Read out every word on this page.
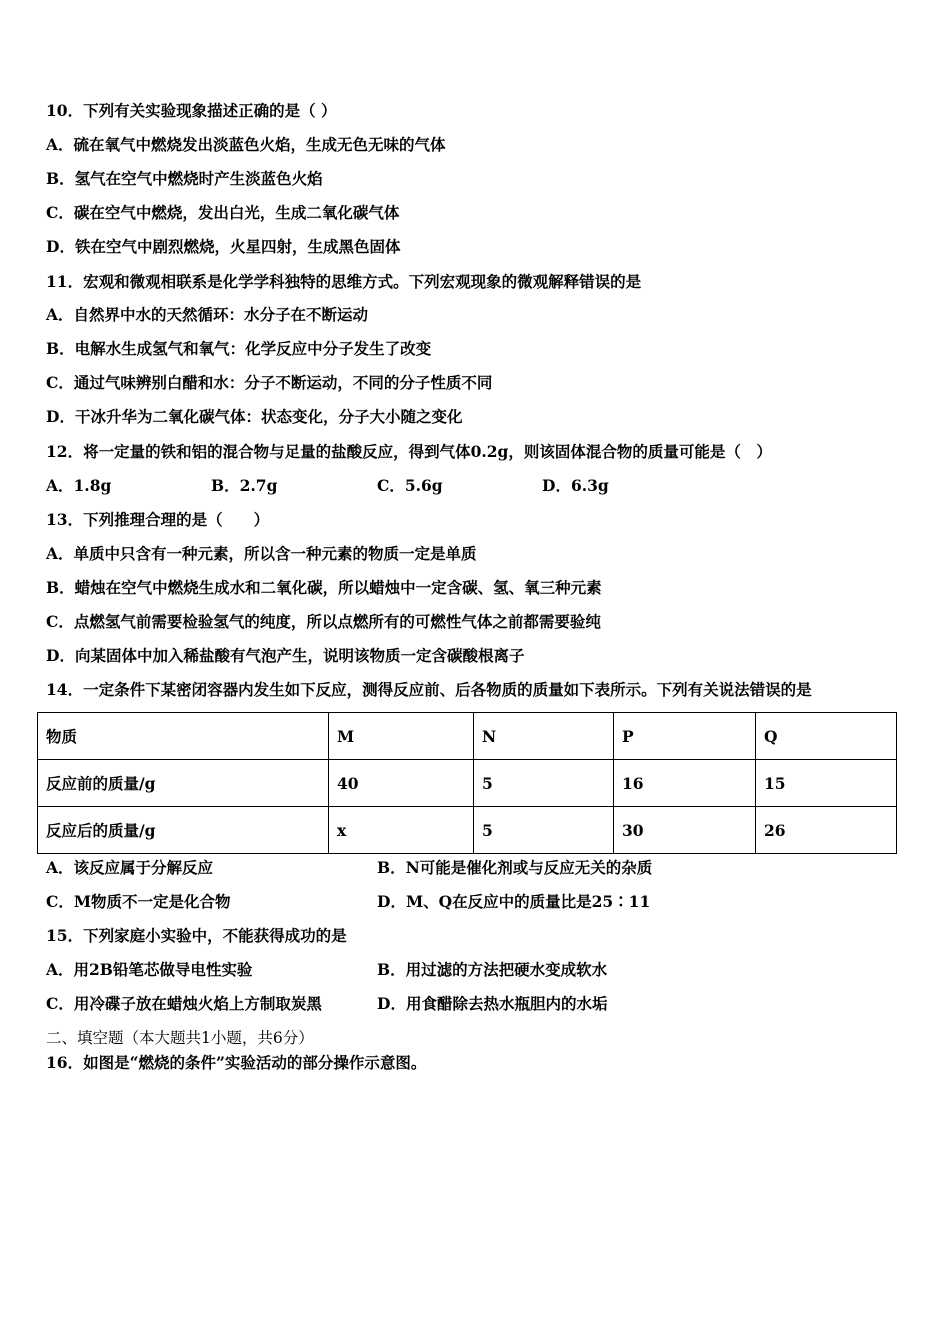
10．下列有关实验现象描述正确的是（ ）
A．硫在氧气中燃烧发出淡蓝色火焰，生成无色无味的气体
B．氢气在空气中燃烧时产生淡蓝色火焰
C．碳在空气中燃烧，发出白光，生成二氧化碳气体
D．铁在空气中剧烈燃烧，火星四射，生成黑色固体
11．宏观和微观相联系是化学学科独特的思维方式。下列宏观现象的微观解释错误的是
A．自然界中水的天然循环：水分子在不断运动
B．电解水生成氢气和氧气：化学反应中分子发生了改变
C．通过气味辨别白醋和水：分子不断运动，不同的分子性质不同
D．干冰升华为二氧化碳气体：状态变化，分子大小随之变化
12．将一定量的铁和铝的混合物与足量的盐酸反应，得到气体0.2g，则该固体混合物的质量可能是（　）
A．1.8g	B．2.7g	C．5.6g	D．6.3g
13．下列推理合理的是（　　）
A．单质中只含有一种元素，所以含一种元素的物质一定是单质
B．蜡烛在空气中燃烧生成水和二氧化碳，所以蜡烛中一定含碳、氢、氧三种元素
C．点燃氢气前需要检验氢气的纯度，所以点燃所有的可燃性气体之前都需要验纯
D．向某固体中加入稀盐酸有气泡产生，说明该物质一定含碳酸根离子
14．一定条件下某密闭容器内发生如下反应，测得反应前、后各物质的质量如下表所示。下列有关说法错误的是
物质	M	N	P	Q
反应前的质量/g	40	5	16	15
反应后的质量/g	x	5	30	26
A．该反应属于分解反应	B．N可能是催化剂或与反应无关的杂质
C．M物质不一定是化合物	D．M、Q在反应中的质量比是25∶11
15．下列家庭小实验中，不能获得成功的是
A．用2B铅笔芯做导电性实验	B．用过滤的方法把硬水变成软水
C．用冷碟子放在蜡烛火焰上方制取炭黑	D．用食醋除去热水瓶胆内的水垢
二、填空题（本大题共1小题，共6分）
16．如图是“燃烧的条件”实验活动的部分操作示意图。
